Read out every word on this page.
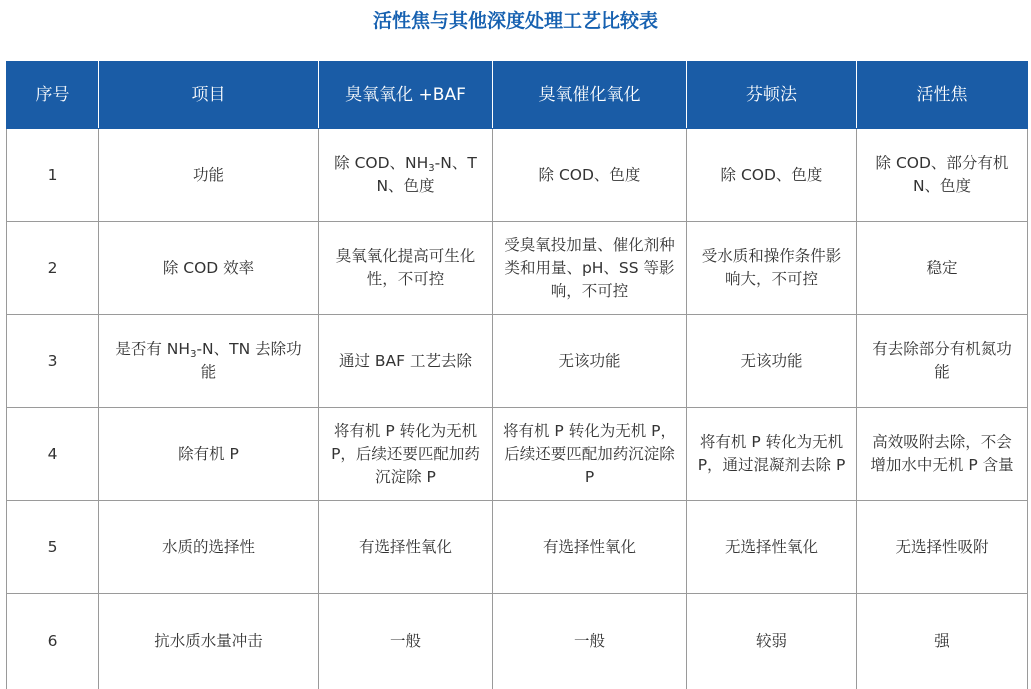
活性焦与其他深度处理工艺比较表
序号	项目	臭氧氧化 +BAF	臭氧催化氧化	芬顿法	活性焦
1	功能	除 COD、$NH_3-N$、TN、色度	除 COD、色度	除 COD、色度	除 COD、部分有机 N、色度
2	除 COD 效率	臭氧氧化提高可生化性，不可控	受臭氧投加量、催化剂种类和用量、pH、SS 等影响，不可控	受水质和操作条件影响大，不可控	稳定
3	是否有 $NH_3-N$、TN 去除功能	通过 BAF 工艺去除	无该功能	无该功能	有去除部分有机氮功能
4	除有机 P	将有机 P 转化为无机 P，后续还要匹配加药沉淀除 P	将有机 P 转化为无机 P，后续还要匹配加药沉淀除 P	将有机 P 转化为无机 P，通过混凝剂去除 P	高效吸附去除，不会增加水中无机 P 含量
5	水质的选择性	有选择性氧化	有选择性氧化	无选择性氧化	无选择性吸附
6	抗水质水量冲击	一般	一般	较弱	强
